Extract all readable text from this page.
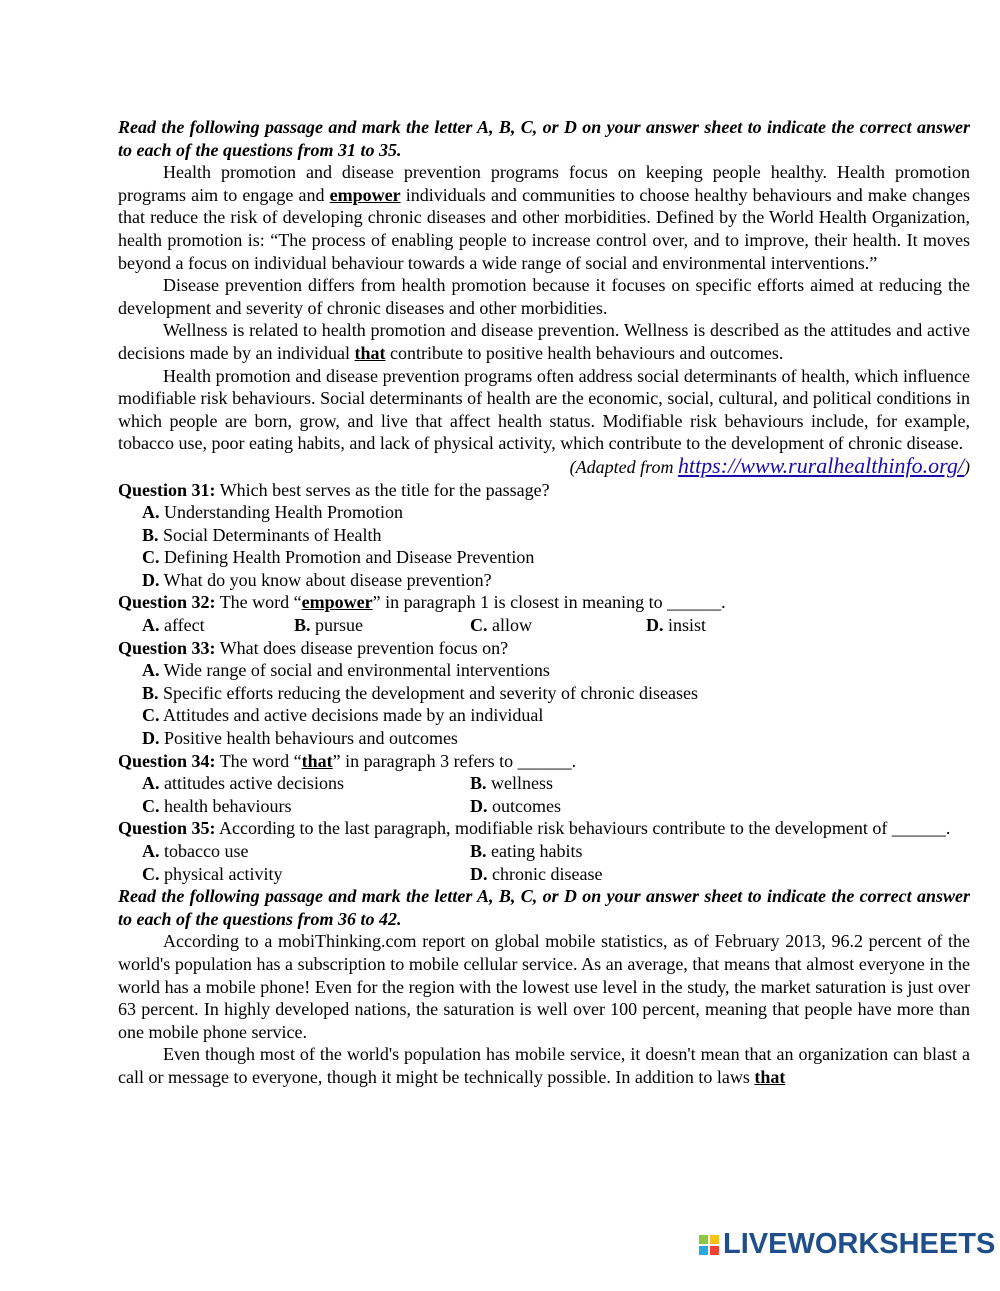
Read the following passage and mark the letter A, B, C, or D on your answer sheet to indicate the correct answer to each of the questions from 31 to 35.
Health promotion and disease prevention programs focus on keeping people healthy. Health promotion programs aim to engage and empower individuals and communities to choose healthy behaviours and make changes that reduce the risk of developing chronic diseases and other morbidities. Defined by the World Health Organization, health promotion is: “The process of enabling people to increase control over, and to improve, their health. It moves beyond a focus on individual behaviour towards a wide range of social and environmental interventions.”
Disease prevention differs from health promotion because it focuses on specific efforts aimed at reducing the development and severity of chronic diseases and other morbidities.
Wellness is related to health promotion and disease prevention. Wellness is described as the attitudes and active decisions made by an individual that contribute to positive health behaviours and outcomes.
Health promotion and disease prevention programs often address social determinants of health, which influence modifiable risk behaviours. Social determinants of health are the economic, social, cultural, and political conditions in which people are born, grow, and live that affect health status. Modifiable risk behaviours include, for example, tobacco use, poor eating habits, and lack of physical activity, which contribute to the development of chronic disease.
(Adapted from https://www.ruralhealthinfo.org/)
Question 31: Which best serves as the title for the passage?
A. Understanding Health Promotion
B. Social Determinants of Health
C. Defining Health Promotion and Disease Prevention
D. What do you know about disease prevention?
Question 32: The word “empower” in paragraph 1 is closest in meaning to ______.
A. affect	B. pursue	C. allow	D. insist
Question 33: What does disease prevention focus on?
A. Wide range of social and environmental interventions
B. Specific efforts reducing the development and severity of chronic diseases
C. Attitudes and active decisions made by an individual
D. Positive health behaviours and outcomes
Question 34: The word “that” in paragraph 3 refers to ______.
A. attitudes active decisions	B. wellness
C. health behaviours	D. outcomes
Question 35: According to the last paragraph, modifiable risk behaviours contribute to the development of ______.
A. tobacco use	B. eating habits
C. physical activity	D. chronic disease
Read the following passage and mark the letter A, B, C, or D on your answer sheet to indicate the correct answer to each of the questions from 36 to 42.
According to a mobiThinking.com report on global mobile statistics, as of February 2013, 96.2 percent of the world's population has a subscription to mobile cellular service. As an average, that means that almost everyone in the world has a mobile phone! Even for the region with the lowest use level in the study, the market saturation is just over 63 percent. In highly developed nations, the saturation is well over 100 percent, meaning that people have more than one mobile phone service.
Even though most of the world's population has mobile service, it doesn't mean that an organization can blast a call or message to everyone, though it might be technically possible. In addition to laws that
LIVEWORKSHEETS
